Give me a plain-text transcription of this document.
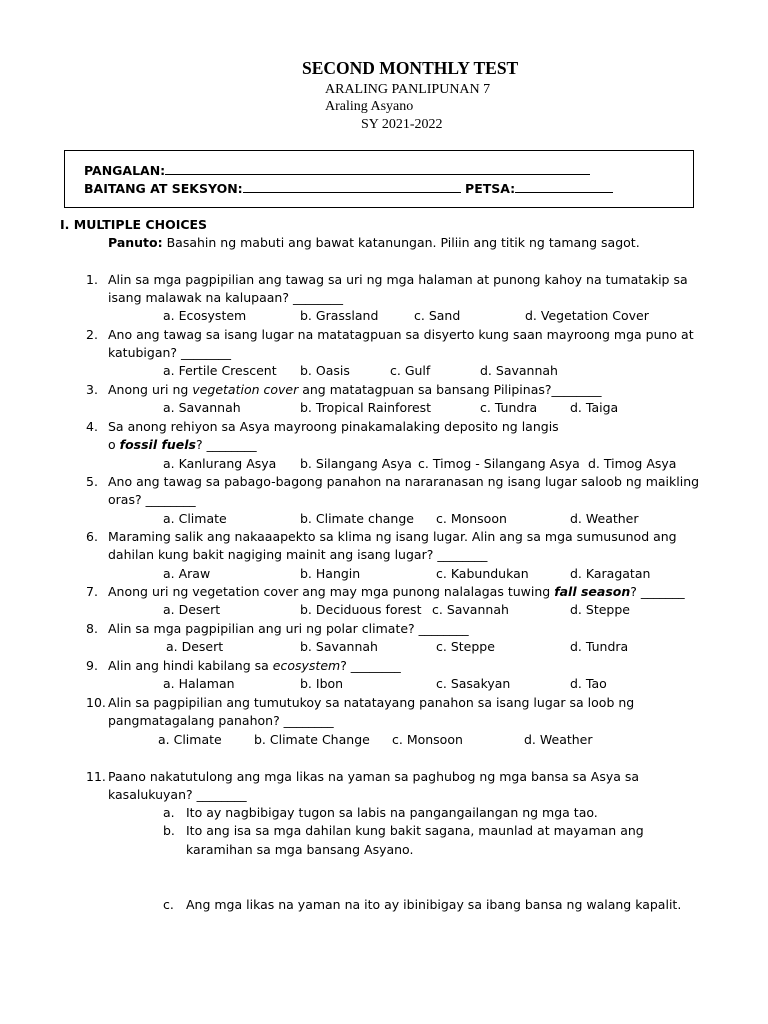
SECOND MONTHLY TEST
ARALING PANLIPUNAN 7
Araling Asyano
SY 2021-2022
PANGALAN:
BAITANG AT SEKSYON:	PETSA:
I. MULTIPLE CHOICES
Panuto: Basahin ng mabuti ang bawat katanungan. Piliin ang titik ng tamang sagot.
1. Alin sa mga pagpipilian ang tawag sa uri ng mga halaman at punong kahoy na tumatakip sa
isang malawak na kalupaan? ________
a. Ecosystem	b. Grassland	c. Sand	d. Vegetation Cover
2. Ano ang tawag sa isang lugar na matatagpuan sa disyerto kung saan mayroong mga puno at
katubigan? ________
a. Fertile Crescent b. Oasis	c. Gulf	d. Savannah
3. Anong uri ng vegetation cover ang matatagpuan sa bansang Pilipinas?________
a. Savannah	b. Tropical Rainforest	c. Tundra	d. Taiga
4. Sa anong rehiyon sa Asya mayroong pinakamalaking deposito ng langis
o fossil fuels? ________
a. Kanlurang Asya b. Silangang Asya c. Timog - Silangang Asya d. Timog Asya
5. Ano ang tawag sa pabago-bagong panahon na nararanasan ng isang lugar saloob ng maikling
oras? ________
a. Climate	b. Climate change c. Monsoon	d. Weather
6. Maraming salik ang nakaaapekto sa klima ng isang lugar. Alin ang sa mga sumusunod ang
dahilan kung bakit nagiging mainit ang isang lugar? ________
a. Araw	b. Hangin	c. Kabundukan	d. Karagatan
7. Anong uri ng vegetation cover ang may mga punong nalalagas tuwing fall season? _______
a. Desert	b. Deciduous forest c. Savannah	d. Steppe
8. Alin sa mga pagpipilian ang uri ng polar climate? ________
a. Desert	b. Savannah	c. Steppe	d. Tundra
9. Alin ang hindi kabilang sa ecosystem? ________
a. Halaman	b. Ibon	c. Sasakyan	d. Tao
10. Alin sa pagpipilian ang tumutukoy sa natatayang panahon sa isang lugar sa loob ng
pangmatagalang panahon? ________
a. Climate	b. Climate Change c. Monsoon	d. Weather
11. Paano nakatutulong ang mga likas na yaman sa paghubog ng mga bansa sa Asya sa
kasalukuyan? ________
a. Ito ay nagbibigay tugon sa labis na pangangailangan ng mga tao.
b. Ito ang isa sa mga dahilan kung bakit sagana, maunlad at mayaman ang
karamihan sa mga bansang Asyano.
c. Ang mga likas na yaman na ito ay ibinibigay sa ibang bansa ng walang kapalit.
